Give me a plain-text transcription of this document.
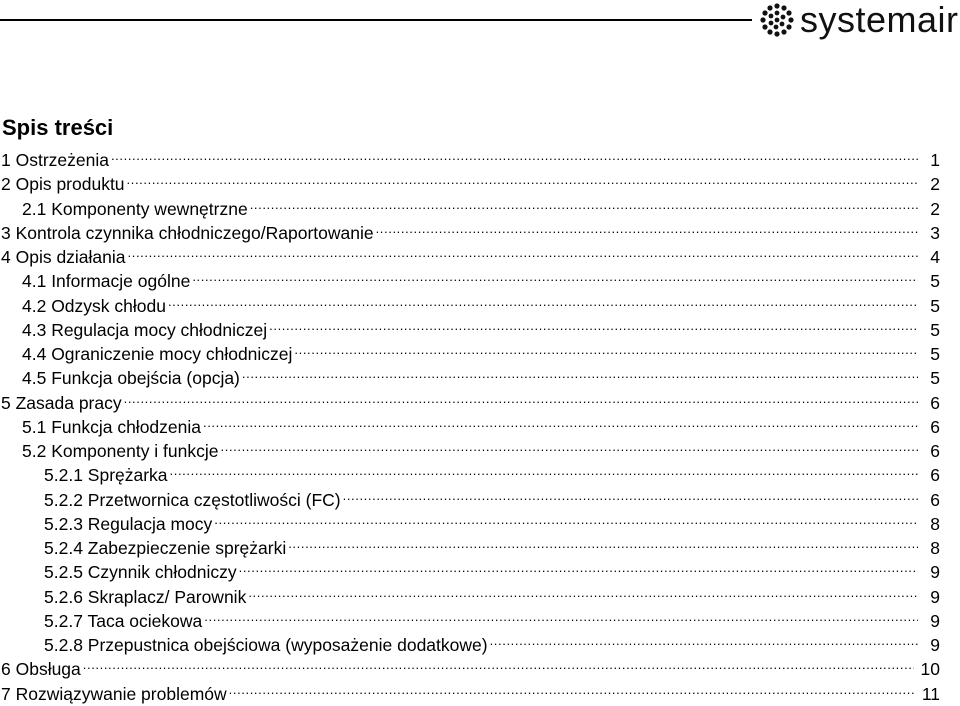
systemair
Spis treści
1 Ostrzeżenia .....	1
2 Opis produktu .....	2
2.1 Komponenty wewnętrzne .....	2
3 Kontrola czynnika chłodniczego/Raportowanie .....	3
4 Opis działania .....	4
4.1 Informacje ogólne .....	5
4.2 Odzysk chłodu .....	5
4.3 Regulacja mocy chłodniczej .....	5
4.4 Ograniczenie mocy chłodniczej .....	5
4.5 Funkcja obejścia (opcja) .....	5
5 Zasada pracy .....	6
5.1 Funkcja chłodzenia .....	6
5.2 Komponenty i funkcje .....	6
5.2.1 Sprężarka .....	6
5.2.2 Przetwornica częstotliwości (FC) .....	6
5.2.3 Regulacja mocy .....	8
5.2.4 Zabezpieczenie sprężarki .....	8
5.2.5 Czynnik chłodniczy .....	9
5.2.6 Skraplacz/ Parownik .....	9
5.2.7 Taca ociekowa .....	9
5.2.8 Przepustnica obejściowa (wyposażenie dodatkowe) .....	9
6 Obsługa .....	10
7 Rozwiązywanie problemów .....	11
